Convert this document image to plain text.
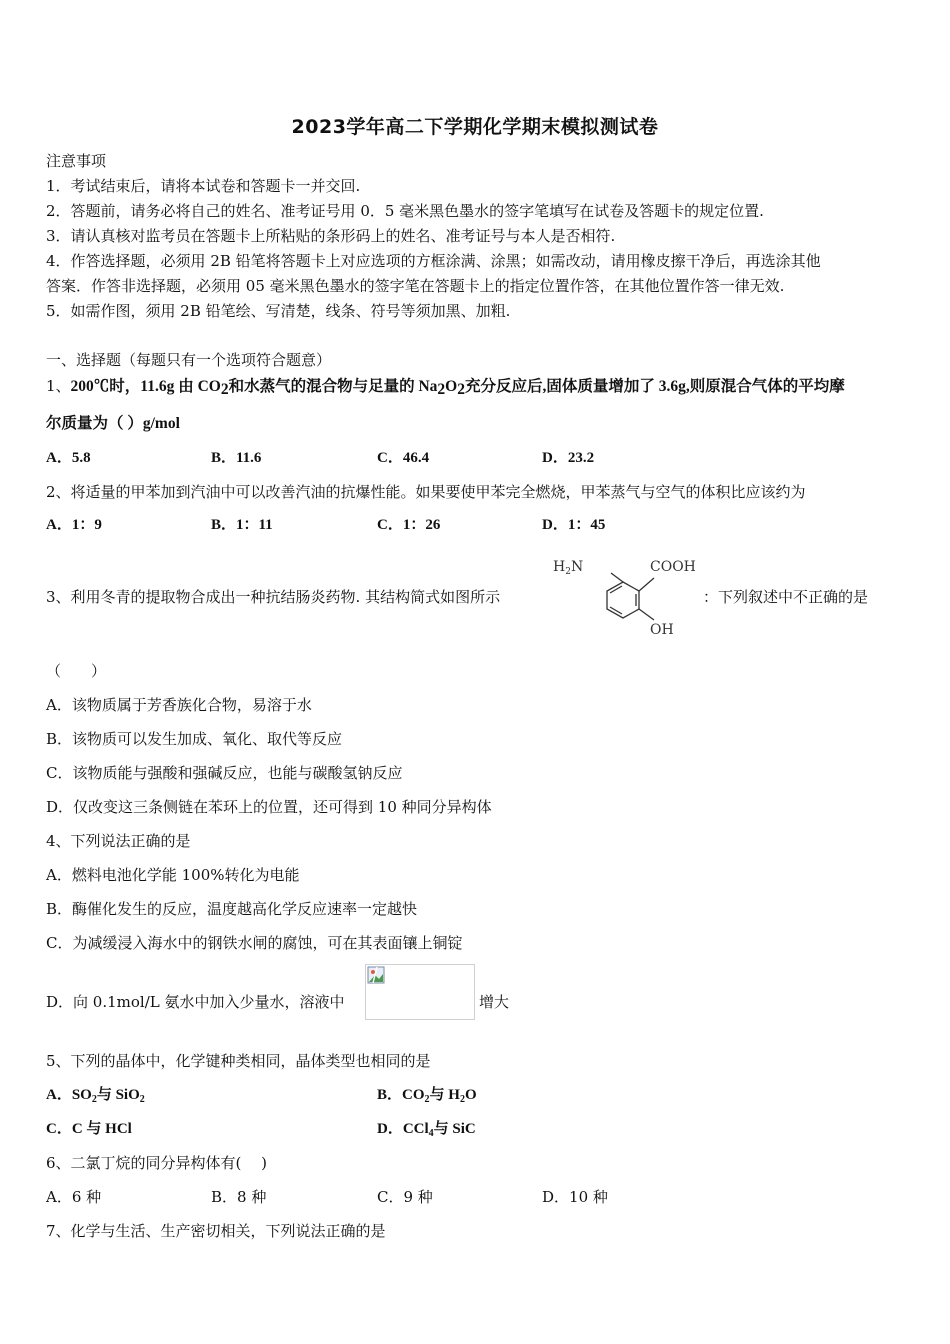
2023学年高二下学期化学期末模拟测试卷
注意事项
1．考试结束后，请将本试卷和答题卡一并交回.
2．答题前，请务必将自己的姓名、准考证号用 0．5 毫米黑色墨水的签字笔填写在试卷及答题卡的规定位置.
3．请认真核对监考员在答题卡上所粘贴的条形码上的姓名、准考证号与本人是否相符.
4．作答选择题，必须用 2B 铅笔将答题卡上对应选项的方框涂满、涂黑；如需改动，请用橡皮擦干净后，再选涂其他
答案．作答非选择题，必须用 05 毫米黑色墨水的签字笔在答题卡上的指定位置作答，在其他位置作答一律无效.
5．如需作图，须用 2B 铅笔绘、写清楚，线条、符号等须加黑、加粗.
一、选择题（每题只有一个选项符合题意）
1、200℃时，11.6g 由 $CO_2$和水蒸气的混合物与足量的 $Na_2O_2$充分反应后,固体质量增加了 3.6g,则原混合气体的平均摩
尔质量为（ ）g/mol
A．5.8	B．11.6	C．46.4	D．23.2
2、将适量的甲苯加到汽油中可以改善汽油的抗爆性能。如果要使甲苯完全燃烧，甲苯蒸气与空气的体积比应该约为
A．1：9	B．1：11	C．1：26	D．1：45
3、利用冬青的提取物合成出一种抗结肠炎药物. 其结构简式如图所示
$H_2N$	COOH
OH
：下列叙述中不正确的是
（　　）
A．该物质属于芳香族化合物，易溶于水
B．该物质可以发生加成、氧化、取代等反应
C．该物质能与强酸和强碱反应，也能与碳酸氢钠反应
D．仅改变这三条侧链在苯环上的位置，还可得到 10 种同分异构体
4、下列说法正确的是
A．燃料电池化学能 100%转化为电能
B．酶催化发生的反应，温度越高化学反应速率一定越快
C．为减缓浸入海水中的钢铁水闸的腐蚀，可在其表面镶上铜锭
D．向 0.1mol/L 氨水中加入少量水，溶液中	增大
5、下列的晶体中，化学键种类相同，晶体类型也相同的是
A．$SO_2$与 SiO$_2$	B．$CO_2$与 $H_2O$
C．C 与 HCl	D．CCl$_4$与 SiC
6、二氯丁烷的同分异构体有(　 )
A．6 种	B．8 种	C．9 种	D．10 种
7、化学与生活、生产密切相关，下列说法正确的是
